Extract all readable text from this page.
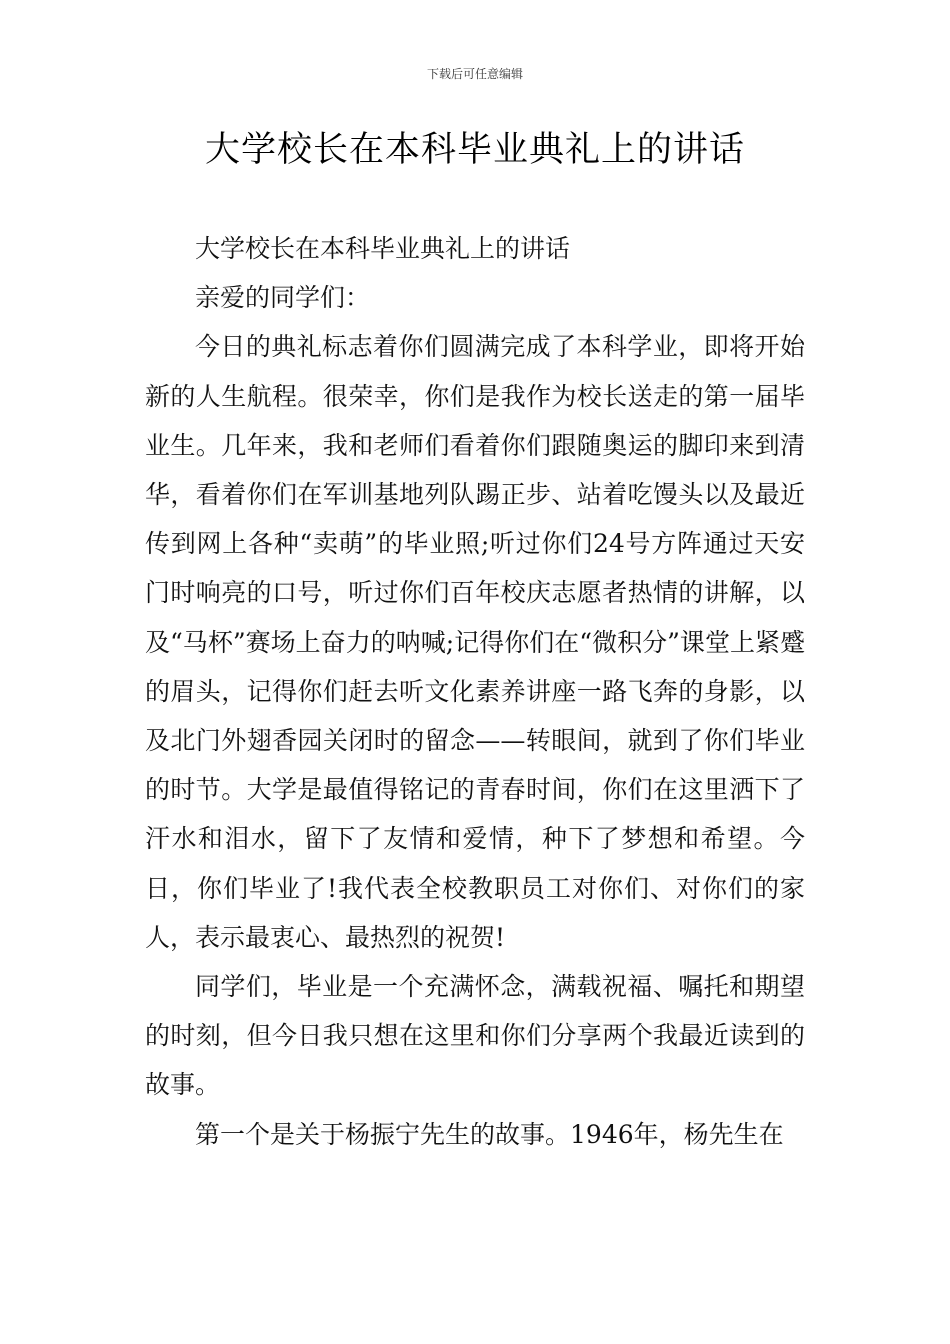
下载后可任意编辑
大学校长在本科毕业典礼上的讲话

大学校长在本科毕业典礼上的讲话

亲爱的同学们：

今日的典礼标志着你们圆满完成了本科学业，即将开始新的人生航程。很荣幸，你们是我作为校长送走的第一届毕业生。几年来，我和老师们看着你们跟随奥运的脚印来到清华，看着你们在军训基地列队踢正步、站着吃馒头以及最近传到网上各种“卖萌”的毕业照;听过你们24号方阵通过天安门时响亮的口号，听过你们百年校庆志愿者热情的讲解，以及“马杯”赛场上奋力的呐喊;记得你们在“微积分”课堂上紧蹙的眉头，记得你们赶去听文化素养讲座一路飞奔的身影，以及北门外翅香园关闭时的留念——转眼间，就到了你们毕业的时节。大学是最值得铭记的青春时间，你们在这里洒下了汗水和泪水，留下了友情和爱情，种下了梦想和希望。今日，你们毕业了!我代表全校教职员工对你们、对你们的家人，表示最衷心、最热烈的祝贺!

同学们，毕业是一个充满怀念，满载祝福、嘱托和期望的时刻，但今日我只想在这里和你们分享两个我最近读到的故事。

第一个是关于杨振宁先生的故事。1946年，杨先生在
